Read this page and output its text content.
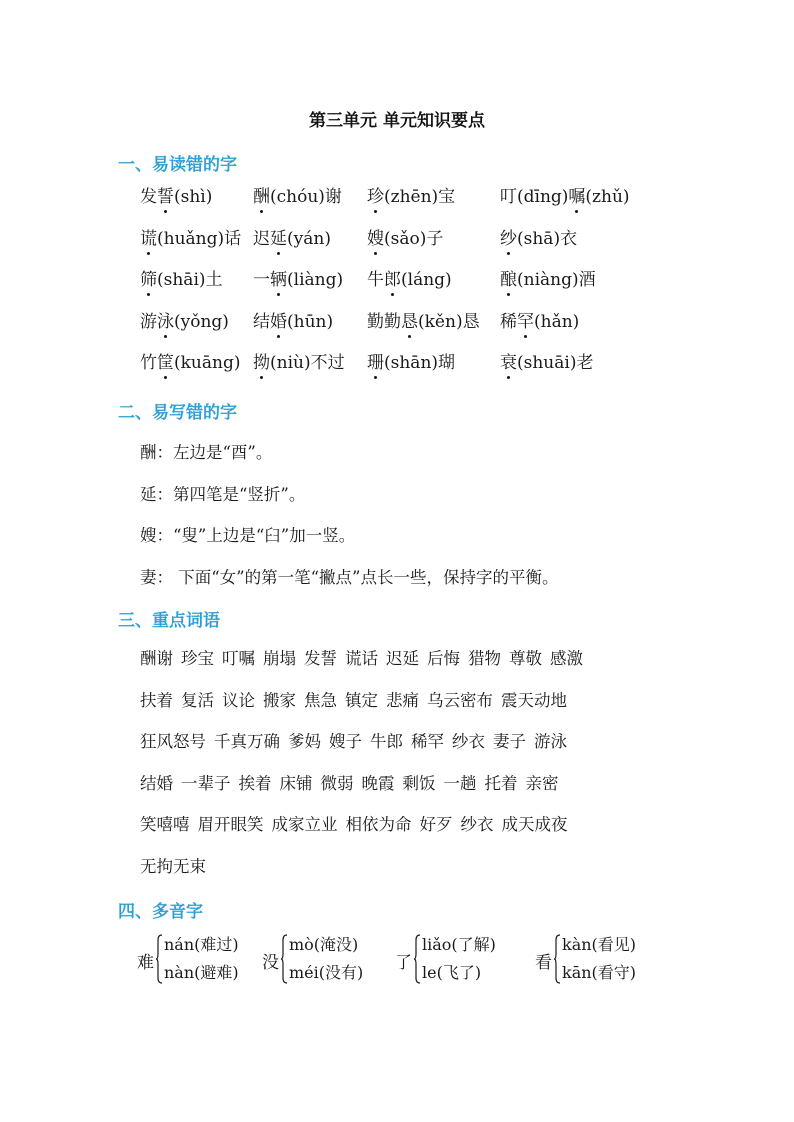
第三单元 单元知识要点
一、易读错的字
发誓(shì) 酬(chóu)谢 珍(zhēn)宝	叮(dīng)嘱(zhǔ)
谎(huǎng)话 迟延(yán) 嫂(sǎo)子	纱(shā)衣
筛(shāi)土 一辆(liàng) 牛郎(láng)	酿(niàng)酒
游泳(yǒng) 结婚(hūn) 勤勤恳(kěn)恳 稀罕(hǎn)
竹筐(kuāng) 拗(niù)不过 珊(shān)瑚	衰(shuāi)老
二、易写错的字
酬：左边是“酉”。
延：第四笔是“竖折”。
嫂：“叟”上边是“臼”加一竖。
妻： 下面“女”的第一笔“撇点”点长一些，保持字的平衡。
三、重点词语
酬谢 珍宝 叮嘱 崩塌 发誓 谎话 迟延 后悔 猎物 尊敬 感激
扶着 复活 议论 搬家 焦急 镇定 悲痛 乌云密布 震天动地
狂风怒号 千真万确 爹妈 嫂子 牛郎 稀罕 纱衣 妻子 游泳
结婚 一辈子 挨着 床铺 微弱 晚霞 剩饭 一趟 托着 亲密
笑嘻嘻 眉开眼笑 成家立业 相依为命 好歹 纱衣 成天成夜
无拘无束
四、多音字
难
nán(难过)
nàn(避难) 没
mò(淹没)
méi(没有) 了
liǎo(了解)
le(飞了)	看
kàn(看见)
kān(看守)
